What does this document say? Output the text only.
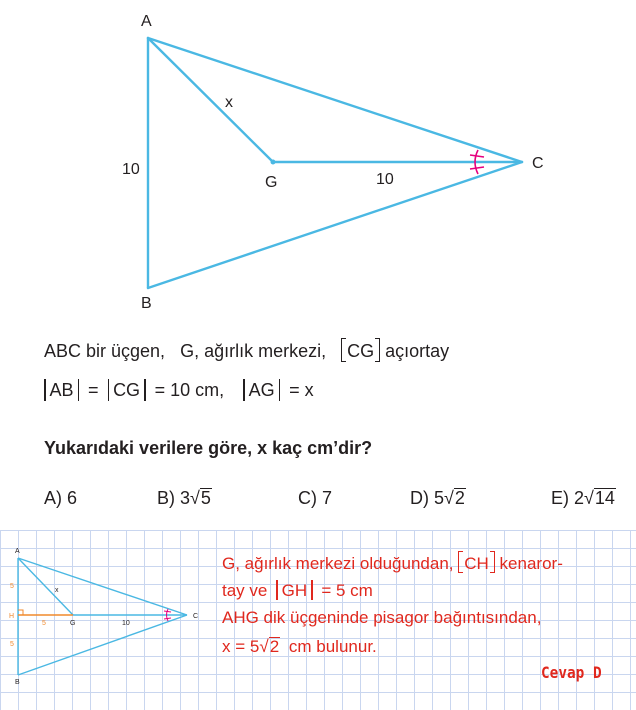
A
B
C
G
x
10
10
ABC bir üçgen, G, ağırlık merkezi, CG açıortay
AB = CG = 10 cm, AG = x
Yukarıdaki verilere göre, x kaç cm’dir?
A) 6	B) 3√5	C) 7	D) 5√2	E) 2√14
A
B
C
G
x
10
H
5
5
5
G, ağırlık merkezi olduğundan, CH kenaror-
tay ve GH = 5 cm
AHG dik üçgeninde pisagor bağıntısından,
x = 5√2 cm bulunur.
Cevap D
